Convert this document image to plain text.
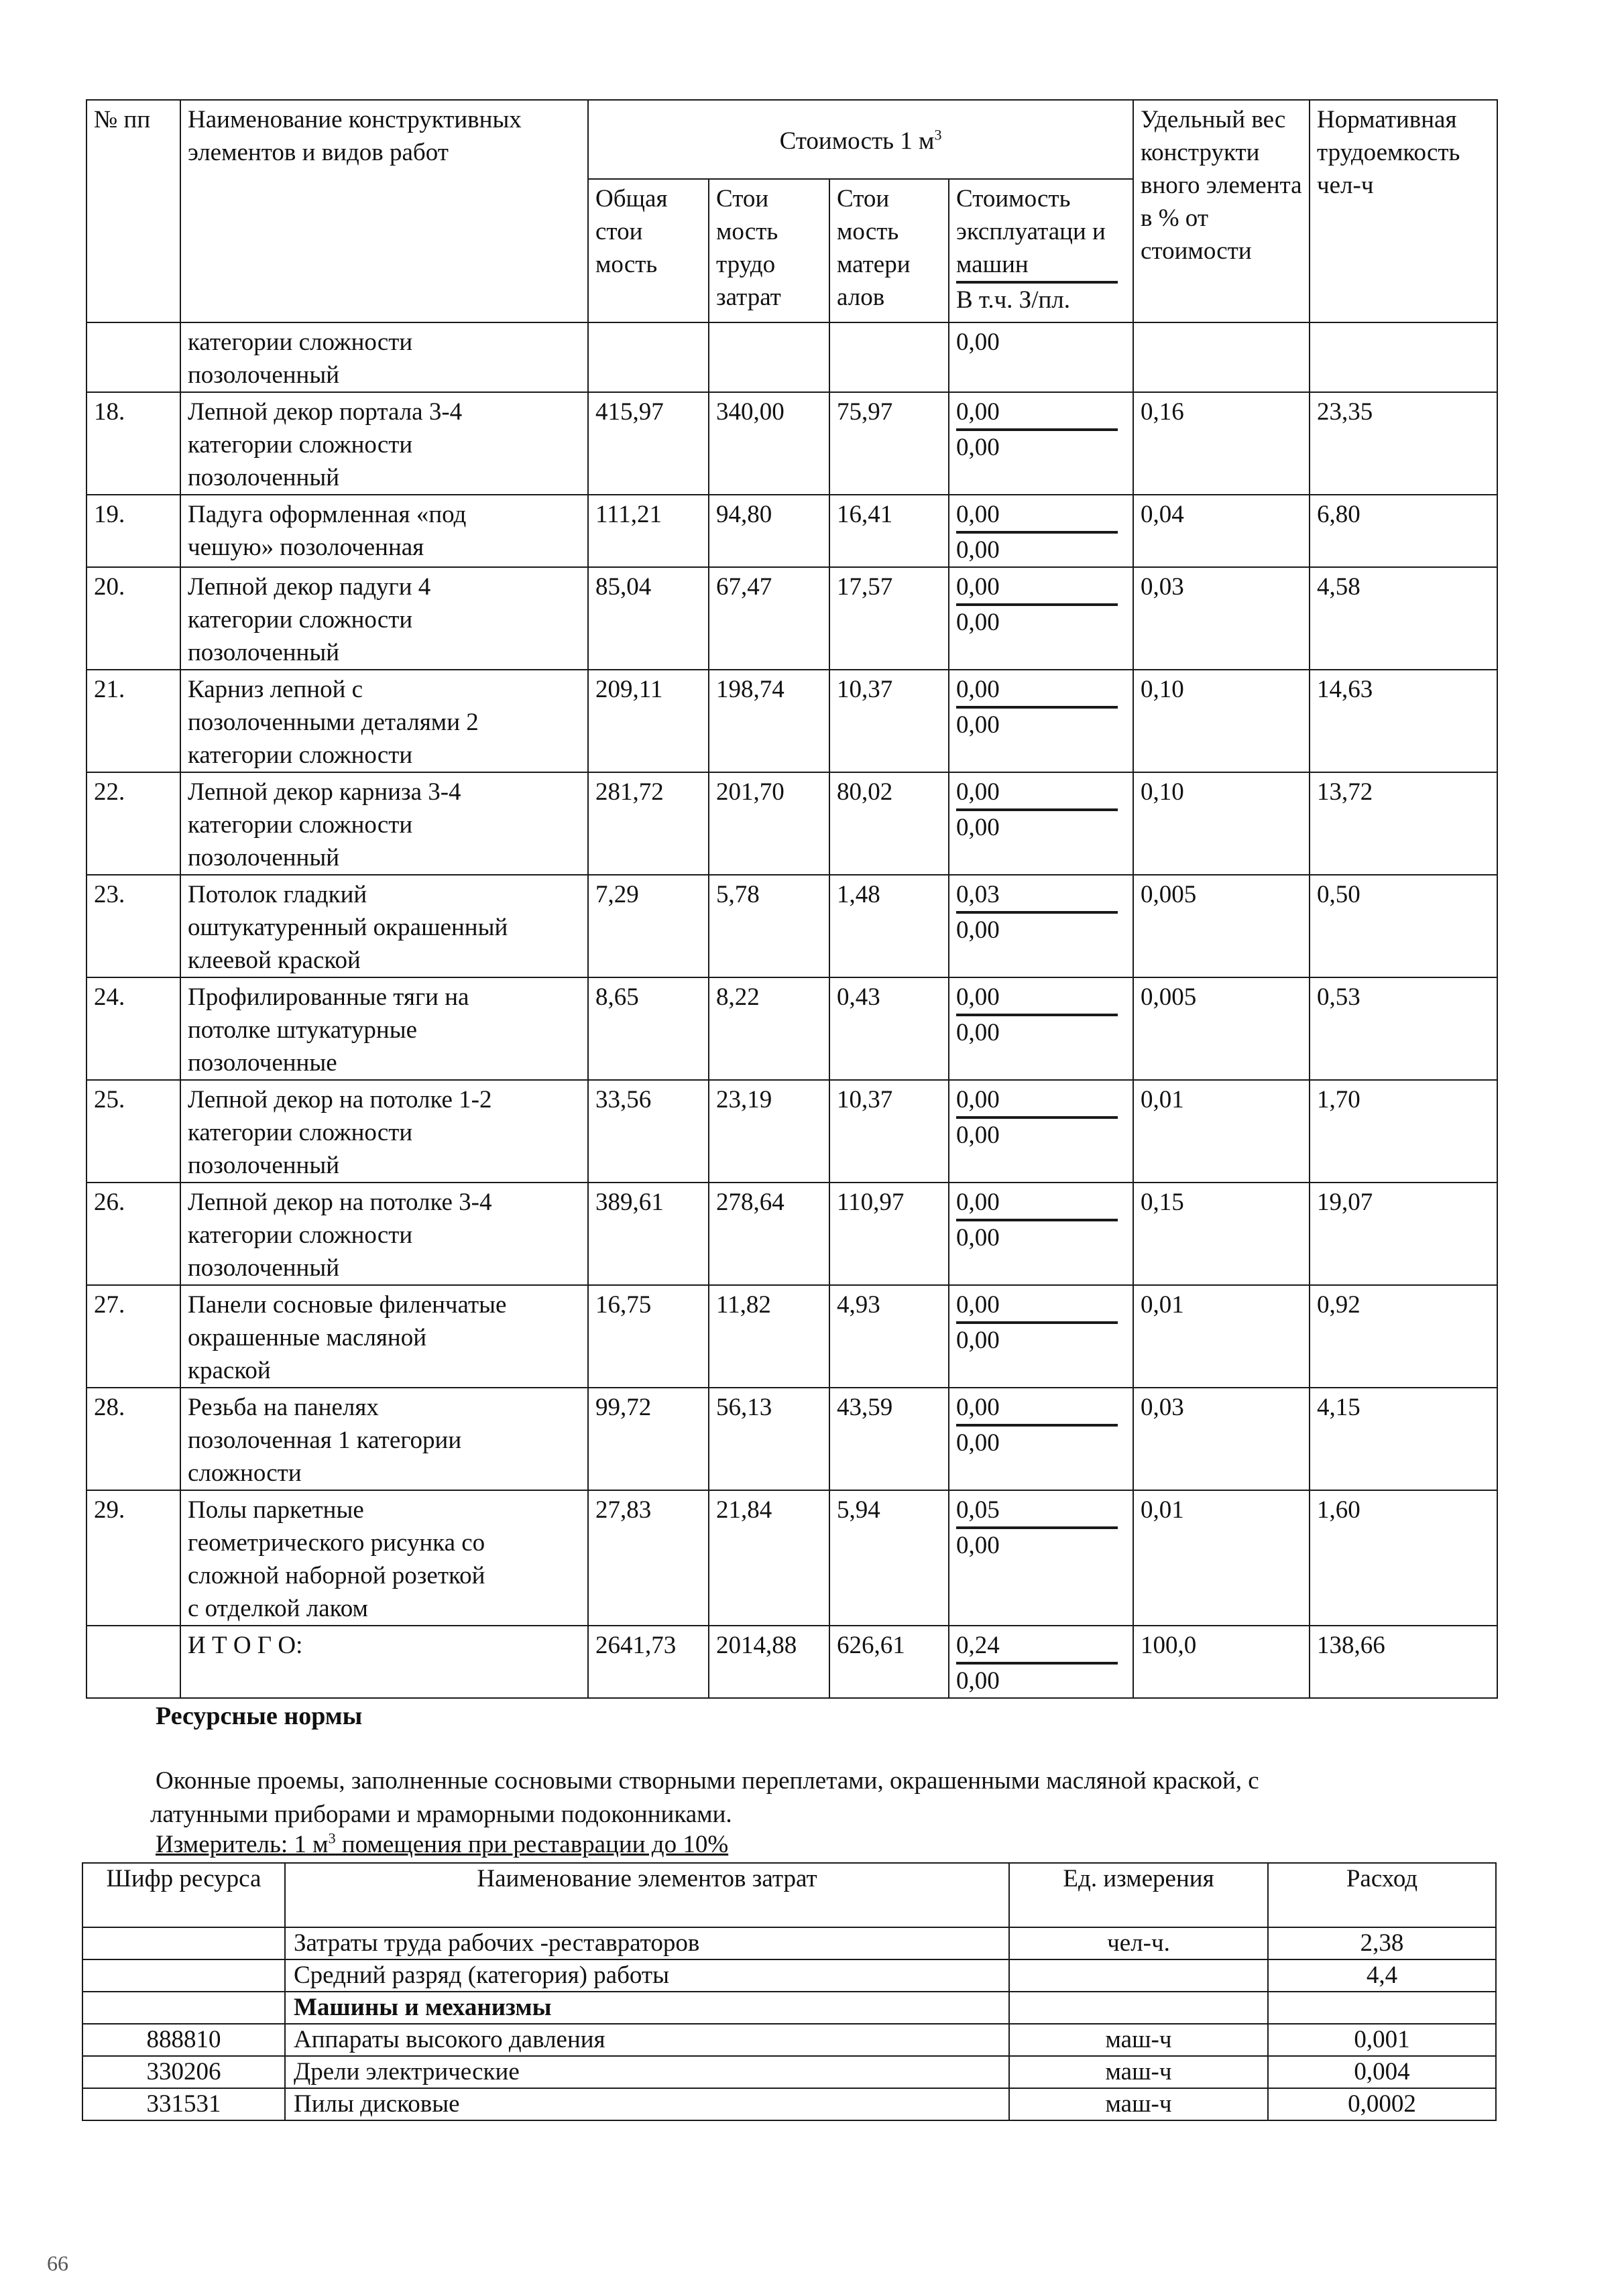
№ пп	Наименование конструктивных элементов и видов работ	Стоимость 1 $м^3$				Удельный вес конструкти вного элемента в % от стоимости	Нормативная трудоемкость чел-ч
		Общая стои мость	Стои мость трудо затрат	Стои мость матери алов	Стоимость эксплуатаци и машин
В т.ч. З/пл.		

	категории сложности
позолоченный				0,00		

18.	Лепной декор портала 3-4
категории сложности
позолоченный	415,97	340,00	75,97	0,00
0,00	0,16	23,35
19.	Падуга оформленная «под
чешую» позолоченная	111,21	94,80	16,41	0,00
0,00	0,04	6,80
20.	Лепной декор падуги 4
категории сложности
позолоченный	85,04	67,47	17,57	0,00
0,00	0,03	4,58
21.	Карниз лепной с
позолоченными деталями 2
категории сложности	209,11	198,74	10,37	0,00
0,00	0,10	14,63
22.	Лепной декор карниза 3-4
категории сложности
позолоченный	281,72	201,70	80,02	0,00
0,00	0,10	13,72
23.	Потолок гладкий
оштукатуренный окрашенный
клеевой краской	7,29	5,78	1,48	0,03
0,00	0,005	0,50
24.	Профилированные тяги на
потолке штукатурные
позолоченные	8,65	8,22	0,43	0,00
0,00	0,005	0,53
25.	Лепной декор на потолке 1-2
категории сложности
позолоченный	33,56	23,19	10,37	0,00
0,00	0,01	1,70
26.	Лепной декор на потолке 3-4
категории сложности
позолоченный	389,61	278,64	110,97	0,00
0,00	0,15	19,07
27.	Панели сосновые филенчатые
окрашенные масляной
краской	16,75	11,82	4,93	0,00
0,00	0,01	0,92
28.	Резьба на панелях
позолоченная 1 категории
сложности	99,72	56,13	43,59	0,00
0,00	0,03	4,15
29.	Полы паркетные
геометрического рисунка со
сложной наборной розеткой
с отделкой лаком	27,83	21,84	5,94	0,05
0,00	0,01	1,60
	И Т О Г О:	2641,73	2014,88	626,61	0,24
0,00	100,0	138,66
Ресурсные нормы
Оконные проемы, заполненные сосновыми створными переплетами, окрашенными масляной краской, с
латунными приборами и мраморными подоконниками.
Измеритель: 1 $м^3$ помещения при реставрации до 10%
Шифр ресурса	Наименование элементов затрат	Ед. измерения	Расход
	Затраты труда рабочих -реставраторов	чел-ч.	2,38
	Средний разряд (категория) работы		4,4
	Машины и механизмы		
888810	Аппараты высокого давления	маш-ч	0,001
330206	Дрели электрические	маш-ч	0,004
331531	Пилы дисковые	маш-ч	0,0002
66
